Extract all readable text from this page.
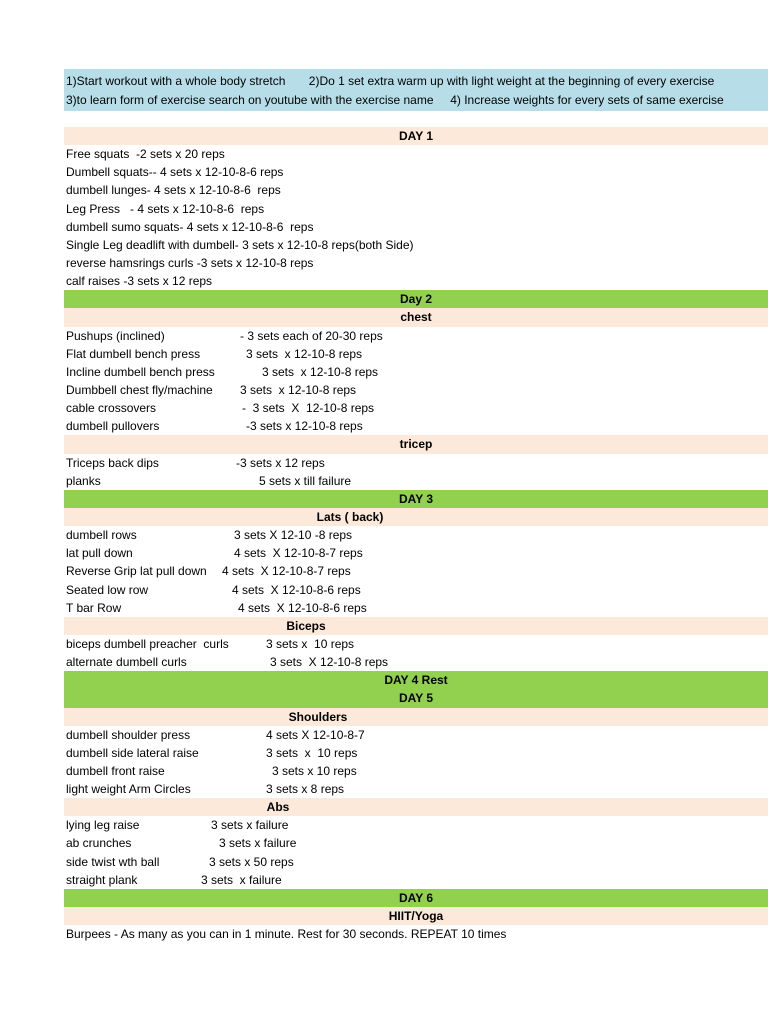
1)Start workout with a whole body stretch       2)Do 1 set extra warm up with light weight at the beginning of every exercise
3)to learn form of exercise search on youtube with the exercise name     4) Increase weights for every sets of same exercise
DAY 1
Free squats  -2 sets x 20 reps
Dumbell squats-- 4 sets x 12-10-8-6 reps
dumbell lunges- 4 sets x 12-10-8-6  reps
Leg Press   - 4 sets x 12-10-8-6  reps
dumbell sumo squats- 4 sets x 12-10-8-6  reps
Single Leg deadlift with dumbell- 3 sets x 12-10-8 reps(both Side)
reverse hamsrings curls -3 sets x 12-10-8 reps
calf raises -3 sets x 12 reps
Day 2
chest
Pushups (inclined)	- 3 sets each of 20-30 reps
Flat dumbell bench press	3 sets  x 12-10-8 reps
Incline dumbell bench press	3 sets  x 12-10-8 reps
Dumbbell chest fly/machine 3 sets  x 12-10-8 reps
cable crossovers	-  3 sets  X  12-10-8 reps
dumbell pullovers	-3 sets x 12-10-8 reps
tricep
Triceps back dips	-3 sets x 12 reps
planks	5 sets x till failure
DAY 3
Lats ( back)
dumbell rows	3 sets X 12-10 -8 reps
lat pull down	4 sets  X 12-10-8-7 reps
Reverse Grip lat pull down 4 sets  X 12-10-8-7 reps
Seated low row	4 sets  X 12-10-8-6 reps
T bar Row	4 sets  X 12-10-8-6 reps
Biceps
biceps dumbell preacher  curls	3 sets x  10 reps
alternate dumbell curls	3 sets  X 12-10-8 reps
DAY 4 Rest
DAY 5
Shoulders
dumbell shoulder press	4 sets X 12-10-8-7
dumbell side lateral raise	3 sets  x  10 reps
dumbell front raise	3 sets x 10 reps
light weight Arm Circles	3 sets x 8 reps
Abs
lying leg raise	3 sets x failure
ab crunches	3 sets x failure
side twist wth ball	3 sets x 50 reps
straight plank	3 sets  x failure
DAY 6
HIIT/Yoga
Burpees - As many as you can in 1 minute. Rest for 30 seconds. REPEAT 10 times
